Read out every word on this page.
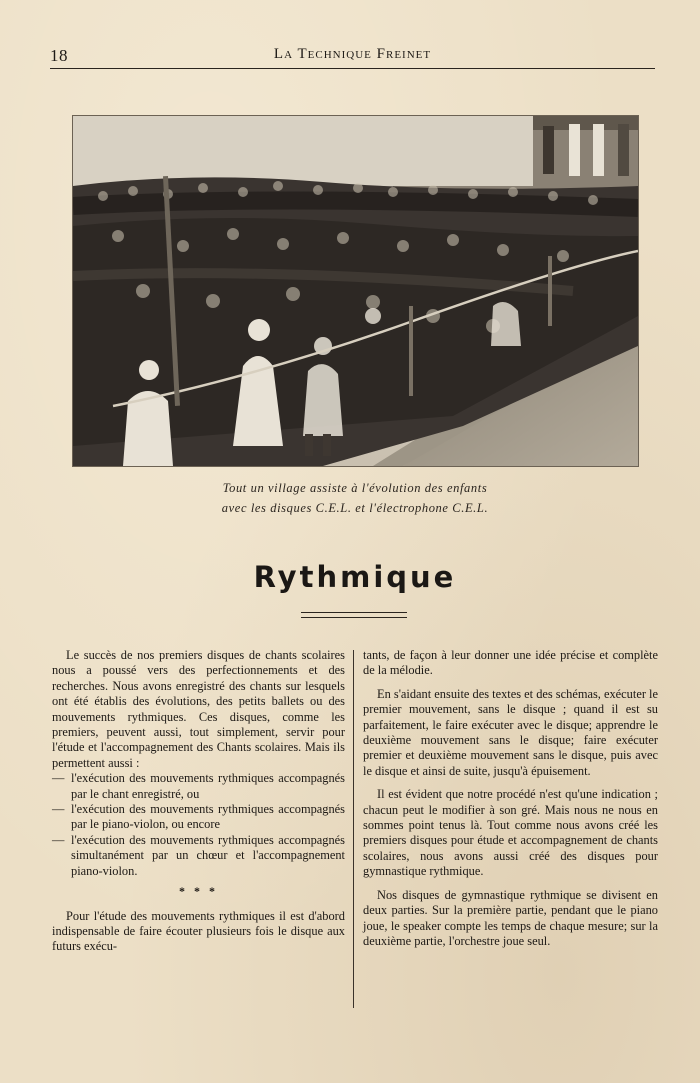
18	La Technique Freinet
Tout un village assiste à l'évolution des enfants
avec les disques C.E.L. et l'électrophone C.E.L.
Rythmique

Le succès de nos premiers disques de chants scolaires nous a poussé vers des perfectionnements et des recherches. Nous avons enregistré des chants sur lesquels ont été établis des évolutions, des petits ballets ou des mouvements rythmiques. Ces disques, comme les premiers, peuvent aussi, tout simplement, servir pour l'étude et l'accompagnement des Chants scolaires. Mais ils permettent aussi :

— l'exécution des mouvements rythmiques accompagnés par le chant enregistré, ou
— l'exécution des mouvements rythmiques accompagnés par le piano-violon, ou encore
— l'exécution des mouvements rythmiques accompagnés simultanément par un chœur et l'accompagnement piano-violon.
* * *

Pour l'étude des mouvements rythmiques il est d'abord indispensable de faire écouter plusieurs fois le disque aux futurs exécu-

tants, de façon à leur donner une idée précise et complète de la mélodie.

En s'aidant ensuite des textes et des schémas, exécuter le premier mouvement, sans le disque ; quand il est su parfaitement, le faire exécuter avec le disque; apprendre le deuxième mouvement sans le disque; faire exécuter premier et deuxième mouvement sans le disque, puis avec le disque et ainsi de suite, jusqu'à épuisement.

Il est évident que notre procédé n'est qu'une indication ; chacun peut le modifier à son gré. Mais nous ne nous en sommes point tenus là. Tout comme nous avons créé les premiers disques pour étude et accompagnement de chants scolaires, nous avons aussi créé des disques pour gymnastique rythmique.

Nos disques de gymnastique rythmique se divisent en deux parties. Sur la première partie, pendant que le piano joue, le speaker compte les temps de chaque mesure; sur la deuxième partie, l'orchestre joue seul.
